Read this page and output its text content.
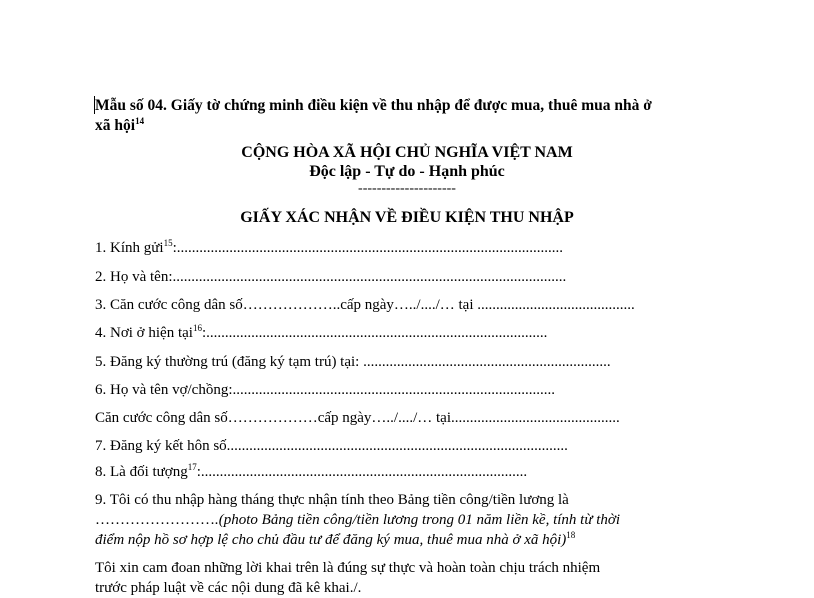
Mẫu số 04. Giấy tờ chứng minh điều kiện về thu nhập để được mua, thuê mua nhà ở
xã hội$^{14}$
CỘNG HÒA XÃ HỘI CHỦ NGHĨA VIỆT NAM
Độc lập - Tự do - Hạnh phúc
---------------------
GIẤY XÁC NHẬN VỀ ĐIỀU KIỆN THU NHẬP
1. Kính gửi$^{15}$:.......................................................................................................
2. Họ và tên:.........................................................................................................
3. Căn cước công dân số………………..cấp ngày…../..../… tại ..........................................
4. Nơi ở hiện tại$^{16}$:...........................................................................................
5. Đăng ký thường trú (đăng ký tạm trú) tại: ..................................................................
6. Họ và tên vợ/chồng:......................................................................................
Căn cước công dân số………………cấp ngày…../..../… tại.............................................
7. Đăng ký kết hôn số...........................................................................................
8. Là đối tượng$^{17}$:.......................................................................................
9. Tôi có thu nhập hàng tháng thực nhận tính theo Bảng tiền công/tiền lương là
…………………….(photo Bảng tiền công/tiền lương trong 01 năm liền kề, tính từ thời
điểm nộp hồ sơ hợp lệ cho chủ đầu tư để đăng ký mua, thuê mua nhà ở xã hội)$^{18}$
Tôi xin cam đoan những lời khai trên là đúng sự thực và hoàn toàn chịu trách nhiệm
trước pháp luật về các nội dung đã kê khai./.
